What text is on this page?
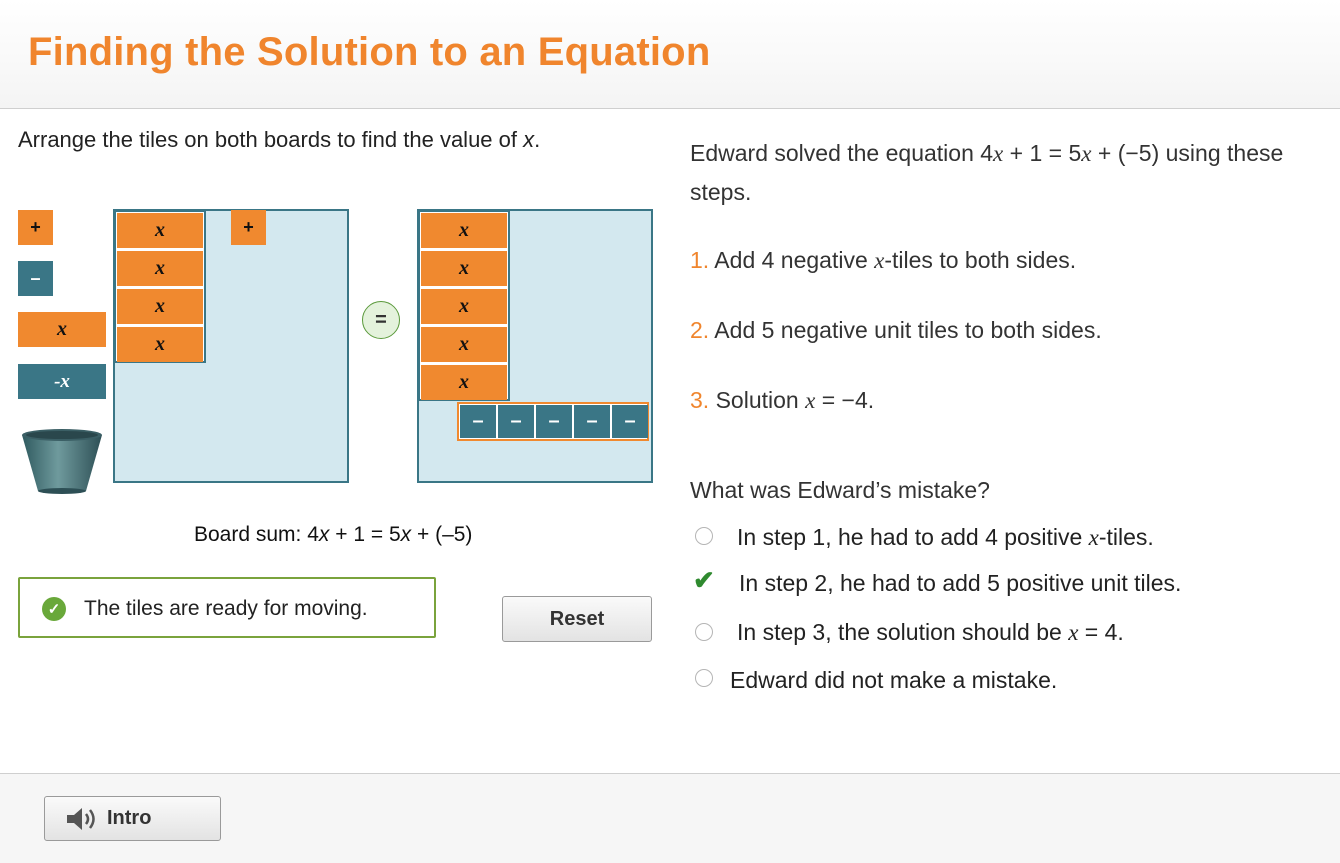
Finding the Solution to an Equation
Arrange the tiles on both boards to find the value of x.
+
–
x
-x
x
x
x
x
+
=
x
x
x
x
x
–	–	–	–	–
Board sum: 4x + 1 = 5x + (–5)
✓ The tiles are ready for moving.	Reset
Edward solved the equation 4x + 1 = 5x + (−5) using these steps.
1. Add 4 negative x-tiles to both sides.
2. Add 5 negative unit tiles to both sides.
3. Solution x = −4.
What was Edward’s mistake?
In step 1, he had to add 4 positive x-tiles.
✔ In step 2, he had to add 5 positive unit tiles.
In step 3, the solution should be x = 4.
Edward did not make a mistake.
Intro
